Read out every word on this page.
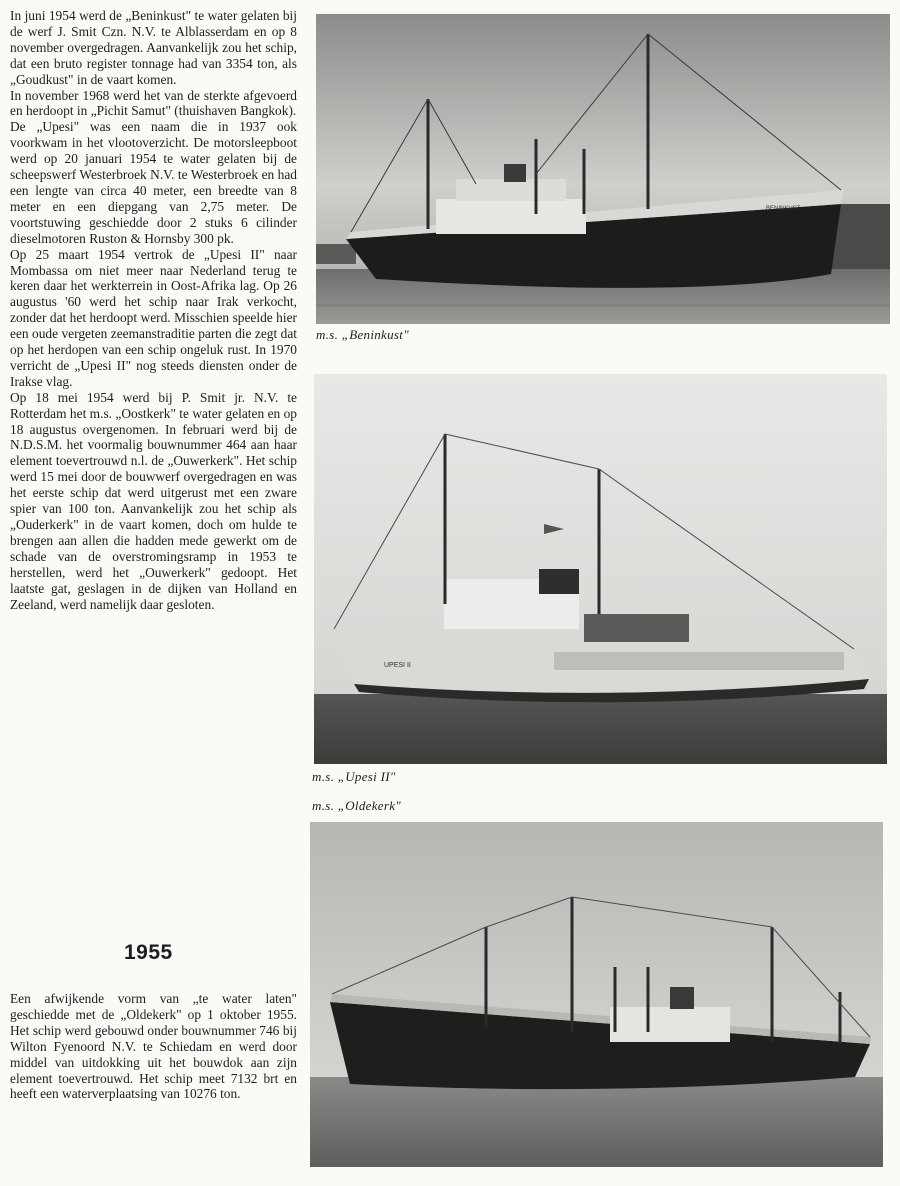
In juni 1954 werd de „Beninkust" te water gelaten bij de werf J. Smit Czn. N.V. te Alblasserdam en op 8 november overgedragen. Aanvankelijk zou het schip, dat een bruto register tonnage had van 3354 ton, als „Goudkust" in de vaart komen.

In november 1968 werd het van de sterkte afgevoerd en herdoopt in „Pichit Samut" (thuishaven Bangkok).

De „Upesi" was een naam die in 1937 ook voorkwam in het vlootoverzicht. De motorsleepboot werd op 20 januari 1954 te water gelaten bij de scheepswerf Westerbroek N.V. te Westerbroek en had een lengte van circa 40 meter, een breedte van 8 meter en een diepgang van 2,75 meter. De voortstuwing geschiedde door 2 stuks 6 cilinder dieselmotoren Ruston & Hornsby 300 pk.

Op 25 maart 1954 vertrok de „Upesi II" naar Mombassa om niet meer naar Nederland terug te keren daar het werkterrein in Oost-Afrika lag. Op 26 augustus '60 werd het schip naar Irak verkocht, zonder dat het herdoopt werd. Misschien speelde hier een oude vergeten zeemanstraditie parten die zegt dat op het herdopen van een schip ongeluk rust. In 1970 verricht de „Upesi II" nog steeds diensten onder de Irakse vlag.

Op 18 mei 1954 werd bij P. Smit jr. N.V. te Rotterdam het m.s. „Oostkerk" te water gelaten en op 18 augustus overgenomen. In februari werd bij de N.D.S.M. het voormalig bouwnummer 464 aan haar element toevertrouwd n.l. de „Ouwerkerk". Het schip werd 15 mei door de bouwwerf overgedragen en was het eerste schip dat werd uitgerust met een zware spier van 100 ton. Aanvankelijk zou het schip als „Ouderkerk" in de vaart komen, doch om hulde te brengen aan allen die hadden mede gewerkt om de schade van de overstromingsramp in 1953 te herstellen, werd het „Ouwerkerk" gedoopt. Het laatste gat, geslagen in de dijken van Holland en Zeeland, werd namelijk daar gesloten.

1955
Een afwijkende vorm van „te water laten" geschiedde met de „Oldekerk" op 1 oktober 1955. Het schip werd gebouwd onder bouwnummer 746 bij Wilton Fyenoord N.V. te Schiedam en werd door middel van uitdokking uit het bouwdok aan zijn element toevertrouwd. Het schip meet 7132 brt en heeft een waterverplaatsing van 10276 ton.
BENINKUST
m.s. „Beninkust"
UPESI II
m.s. „Upesi II"
m.s. „Oldekerk"
